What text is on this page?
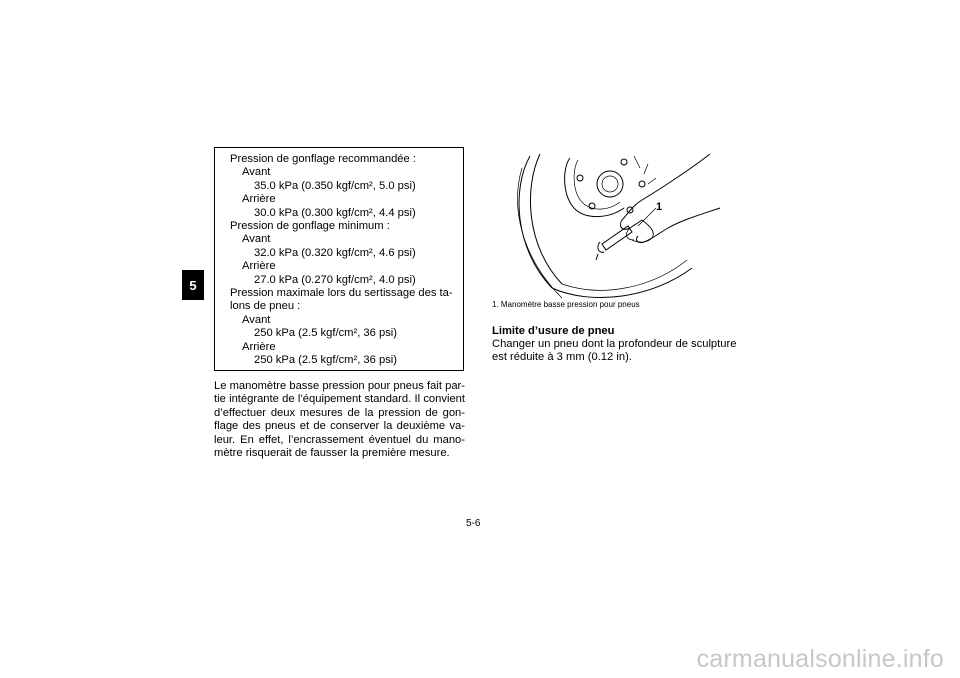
5
Pression de gonflage recommandée :
Avant
35.0 kPa (0.350 kgf/cm², 5.0 psi)
Arrière
30.0 kPa (0.300 kgf/cm², 4.4 psi)
Pression de gonflage minimum :
Avant
32.0 kPa (0.320 kgf/cm², 4.6 psi)
Arrière
27.0 kPa (0.270 kgf/cm², 4.0 psi)
Pression maximale lors du sertissage des ta-
lons de pneu :
Avant
250 kPa (2.5 kgf/cm², 36 psi)
Arrière
250 kPa (2.5 kgf/cm², 36 psi)
Le manomètre basse pression pour pneus fait par-
tie intégrante de l’équipement standard. Il convient
d’effectuer deux mesures de la pression de gon-
flage des pneus et de conserver la deuxième va-
leur. En effet, l’encrassement éventuel du mano-
mètre risquerait de fausser la première mesure.
1
1. Manomètre basse pression pour pneus
Limite d’usure de pneu
Changer un pneu dont la profondeur de sculpture
est réduite à 3 mm (0.12 in).
5-6
carmanualsonline.info
